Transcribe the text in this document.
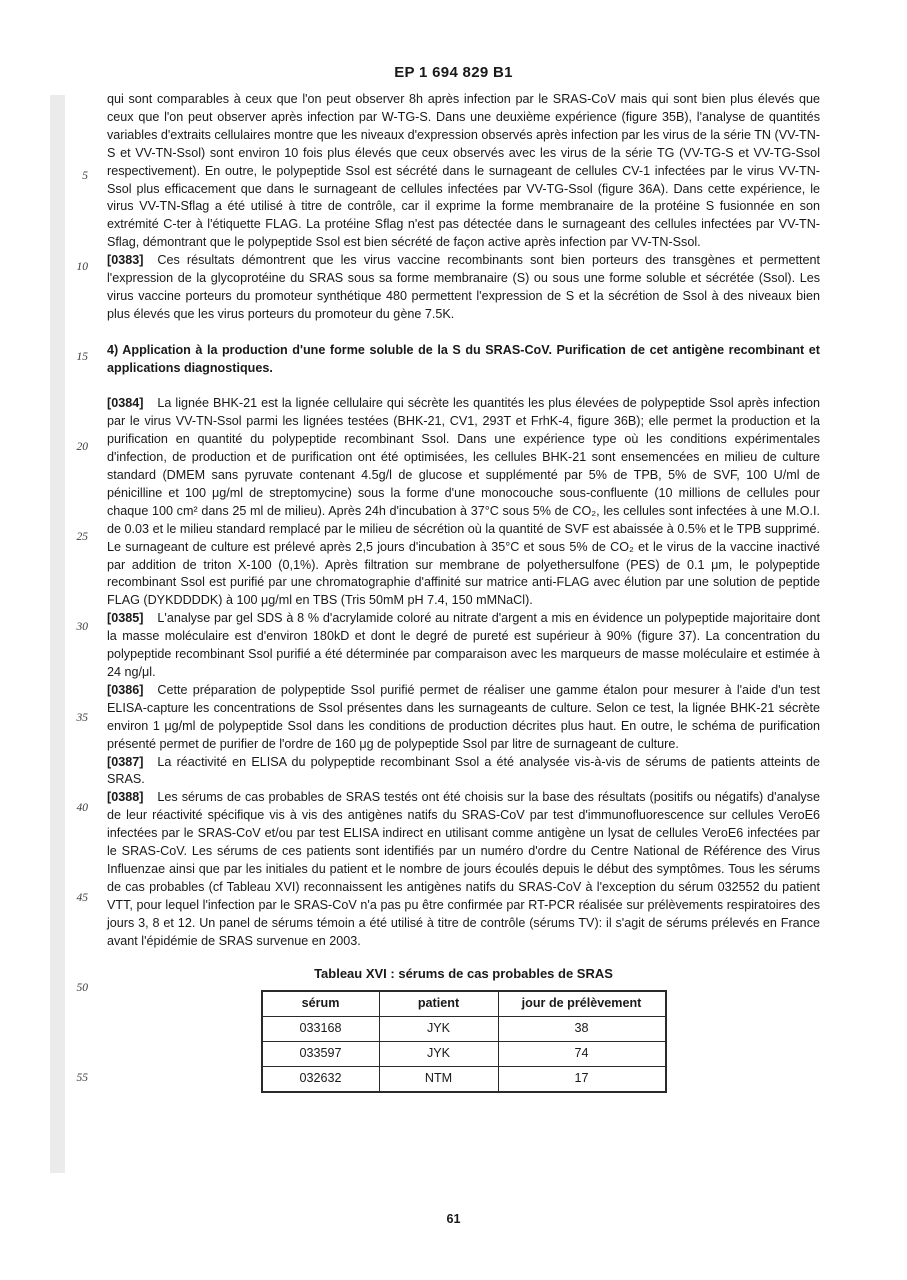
EP 1 694 829 B1
5
10
15
20
25
30
35
40
45
50
55

qui sont comparables à ceux que l'on peut observer 8h après infection par le SRAS-CoV mais qui sont bien plus élevés que ceux que l'on peut observer après infection par W-TG-S. Dans une deuxième expérience (figure 35B), l'analyse de quantités variables d'extraits cellulaires montre que les niveaux d'expression observés après infection par les virus de la série TN (VV-TN-S et VV-TN-Ssol) sont environ 10 fois plus élevés que ceux observés avec les virus de la série TG (VV-TG-S et VV-TG-Ssol respectivement). En outre, le polypeptide Ssol est sécrété dans le surnageant de cellules CV-1 infectées par le virus VV-TN-Ssol plus efficacement que dans le surnageant de cellules infectées par VV-TG-Ssol (figure 36A). Dans cette expérience, le virus VV-TN-Sflag a été utilisé à titre de contrôle, car il exprime la forme membranaire de la protéine S fusionnée en son extrémité C-ter à l'étiquette FLAG. La protéine Sflag n'est pas détectée dans le surnageant des cellules infectées par VV-TN-Sflag, démontrant que le polypeptide Ssol est bien sécrété de façon active après infection par VV-TN-Ssol.

[0383] Ces résultats démontrent que les virus vaccine recombinants sont bien porteurs des transgènes et permettent l'expression de la glycoprotéine du SRAS sous sa forme membranaire (S) ou sous une forme soluble et sécrétée (Ssol). Les virus vaccine porteurs du promoteur synthétique 480 permettent l'expression de S et la sécrétion de Ssol à des niveaux bien plus élevés que les virus porteurs du promoteur du gène 7.5K.

4) Application à la production d'une forme soluble de la S du SRAS-CoV. Purification de cet antigène recombinant et applications diagnostiques.

[0384] La lignée BHK-21 est la lignée cellulaire qui sécrète les quantités les plus élevées de polypeptide Ssol après infection par le virus VV-TN-Ssol parmi les lignées testées (BHK-21, CV1, 293T et FrhK-4, figure 36B); elle permet la production et la purification en quantité du polypeptide recombinant Ssol. Dans une expérience type où les conditions expérimentales d'infection, de production et de purification ont été optimisées, les cellules BHK-21 sont ensemencées en milieu de culture standard (DMEM sans pyruvate contenant 4.5g/l de glucose et supplémenté par 5% de TPB, 5% de SVF, 100 U/ml de pénicilline et 100 μg/ml de streptomycine) sous la forme d'une monocouche sous-confluente (10 millions de cellules pour chaque 100 cm² dans 25 ml de milieu). Après 24h d'incubation à 37°C sous 5% de CO₂, les cellules sont infectées à une M.O.I. de 0.03 et le milieu standard remplacé par le milieu de sécrétion où la quantité de SVF est abaissée à 0.5% et le TPB supprimé. Le surnageant de culture est prélevé après 2,5 jours d'incubation à 35°C et sous 5% de CO₂ et le virus de la vaccine inactivé par addition de triton X-100 (0,1%). Après filtration sur membrane de polyethersulfone (PES) de 0.1 μm, le polypeptide recombinant Ssol est purifié par une chromatographie d'affinité sur matrice anti-FLAG avec élution par une solution de peptide FLAG (DYKDDDDK) à 100 μg/ml en TBS (Tris 50mM pH 7.4, 150 mMNaCl).

[0385] L'analyse par gel SDS à 8 % d'acrylamide coloré au nitrate d'argent a mis en évidence un polypeptide majoritaire dont la masse moléculaire est d'environ 180kD et dont le degré de pureté est supérieur à 90% (figure 37). La concentration du polypeptide recombinant Ssol purifié a été déterminée par comparaison avec les marqueurs de masse moléculaire et estimée à 24 ng/μl.

[0386] Cette préparation de polypeptide Ssol purifié permet de réaliser une gamme étalon pour mesurer à l'aide d'un test ELISA-capture les concentrations de Ssol présentes dans les surnageants de culture. Selon ce test, la lignée BHK-21 sécrète environ 1 μg/ml de polypeptide Ssol dans les conditions de production décrites plus haut. En outre, le schéma de purification présenté permet de purifier de l'ordre de 160 μg de polypeptide Ssol par litre de surnageant de culture.

[0387] La réactivité en ELISA du polypeptide recombinant Ssol a été analysée vis-à-vis de sérums de patients atteints de SRAS.

[0388] Les sérums de cas probables de SRAS testés ont été choisis sur la base des résultats (positifs ou négatifs) d'analyse de leur réactivité spécifique vis à vis des antigènes natifs du SRAS-CoV par test d'immunofluorescence sur cellules VeroE6 infectées par le SRAS-CoV et/ou par test ELISA indirect en utilisant comme antigène un lysat de cellules VeroE6 infectées par le SRAS-CoV. Les sérums de ces patients sont identifiés par un numéro d'ordre du Centre National de Référence des Virus Influenzae ainsi que par les initiales du patient et le nombre de jours écoulés depuis le début des symptômes. Tous les sérums de cas probables (cf Tableau XVI) reconnaissent les antigènes natifs du SRAS-CoV à l'exception du sérum 032552 du patient VTT, pour lequel l'infection par le SRAS-CoV n'a pas pu être confirmée par RT-PCR réalisée sur prélèvements respiratoires des jours 3, 8 et 12. Un panel de sérums témoin a été utilisé à titre de contrôle (sérums TV): il s'agit de sérums prélevés en France avant l'épidémie de SRAS survenue en 2003.

Tableau XVI : sérums de cas probables de SRAS
sérum	patient	jour de prélèvement
033168	JYK	38
033597	JYK	74
032632	NTM	17
61
